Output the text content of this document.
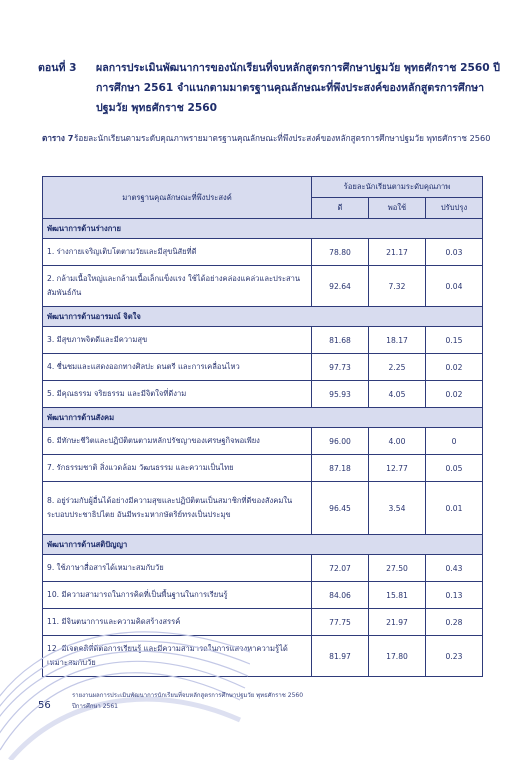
ตอนที่ 3	ผลการประเมินพัฒนาการของนักเรียนที่จบหลักสูตรการศึกษาปฐมวัย พุทธศักราช 2560 ปีการศึกษา 2561 จำแนกตามมาตรฐานคุณลักษณะที่พึงประสงค์ของหลักสูตรการศึกษาปฐมวัย พุทธศักราช 2560
ตาราง 7 ร้อยละนักเรียนตามระดับคุณภาพรายมาตรฐานคุณลักษณะที่พึงประสงค์ของหลักสูตรการศึกษาปฐมวัย พุทธศักราช 2560
มาตรฐานคุณลักษณะที่พึงประสงค์	ร้อยละนักเรียนตามระดับคุณภาพ		
	ดี	พอใช้	ปรับปรุง
พัฒนาการด้านร่างกาย			
1. ร่างกายเจริญเติบโตตามวัยและมีสุขนิสัยที่ดี	78.80	21.17	0.03
2. กล้ามเนื้อใหญ่และกล้ามเนื้อเล็กแข็งแรง ใช้ได้อย่างคล่องแคล่วและประสานสัมพันธ์กัน	92.64	7.32	0.04
พัฒนาการด้านอารมณ์ จิตใจ			
3. มีสุขภาพจิตดีและมีความสุข	81.68	18.17	0.15
4. ชื่นชมและแสดงออกทางศิลปะ ดนตรี และการเคลื่อนไหว	97.73	2.25	0.02
5. มีคุณธรรม จริยธรรม และมีจิตใจที่ดีงาม	95.93	4.05	0.02
พัฒนาการด้านสังคม			
6. มีทักษะชีวิตและปฏิบัติตนตามหลักปรัชญาของเศรษฐกิจพอเพียง	96.00	4.00	0
7. รักธรรมชาติ สิ่งแวดล้อม วัฒนธรรม และความเป็นไทย	87.18	12.77	0.05
8. อยู่ร่วมกับผู้อื่นได้อย่างมีความสุขและปฏิบัติตนเป็นสมาชิกที่ดีของสังคมในระบอบประชาธิปไตย อันมีพระมหากษัตริย์ทรงเป็นประมุข	96.45	3.54	0.01
พัฒนาการด้านสติปัญญา			
9. ใช้ภาษาสื่อสารได้เหมาะสมกับวัย	72.07	27.50	0.43
10. มีความสามารถในการคิดที่เป็นพื้นฐานในการเรียนรู้	84.06	15.81	0.13
11. มีจินตนาการและความคิดสร้างสรรค์	77.75	21.97	0.28
12. มีเจตคติที่ดีต่อการเรียนรู้ และมีความสามารถในการแสวงหาความรู้ได้เหมาะสมกับวัย	81.97	17.80	0.23
56
รายงานผลการประเมินพัฒนาการนักเรียนที่จบหลักสูตรการศึกษาปฐมวัย พุทธศักราช 2560
ปีการศึกษา 2561
